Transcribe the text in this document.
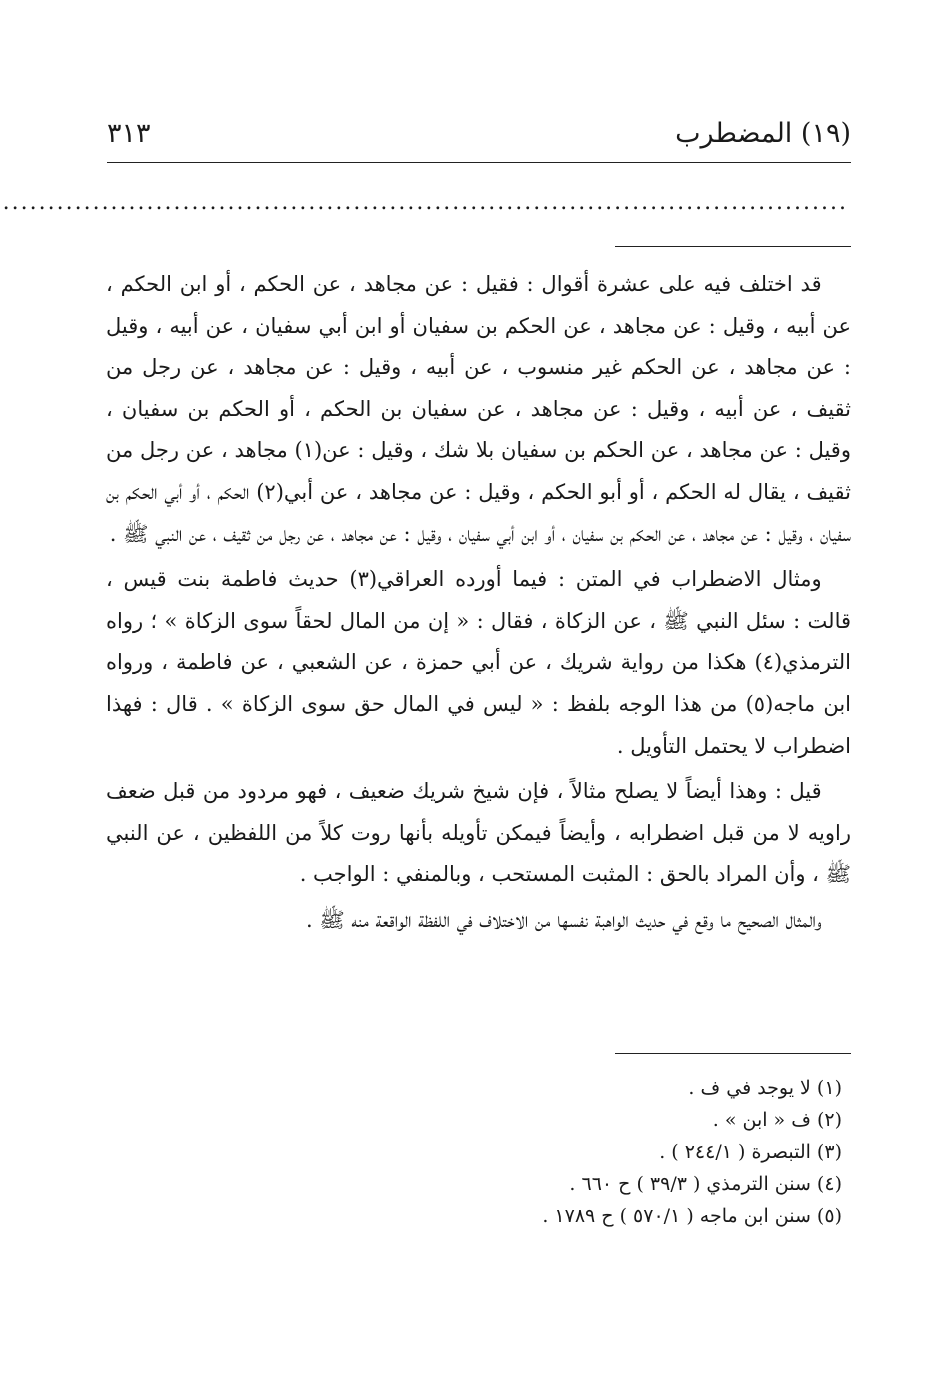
(١٩) المضطرب
٣١٣
..............................................................................................

قد اختلف فيه على عشرة أقوال : فقيل : عن مجاهد ، عن الحكم ، أو ابن الحكم ، عن أبيه ، وقيل : عن مجاهد ، عن الحكم بن سفيان أو ابن أبي سفيان ، عن أبيه ، وقيل : عن مجاهد ، عن الحكم غير منسوب ، عن أبيه ، وقيل : عن مجاهد ، عن رجل من ثقيف ، عن أبيه ، وقيل : عن مجاهد ، عن سفيان بن الحكم ، أو الحكم بن سفيان ، وقيل : عن مجاهد ، عن الحكم بن سفيان بلا شك ، وقيل : عن(١) مجاهد ، عن رجل من ثقيف ، يقال له الحكم ، أو أبو الحكم ، وقيل : عن مجاهد ، عن أبي(٢) الحكم ، أو أبي الحكم بن سفيان ، وقيل : عن مجاهد ، عن الحكم بن سفيان ، أو ابن أبي سفيان ، وقيل : عن مجاهد ، عن رجل من ثقيف ، عن النبي ﷺ .

ومثال الاضطراب في المتن : فيما أورده العراقي(٣) حديث فاطمة بنت قيس ، قالت : سئل النبي ﷺ ، عن الزكاة ، فقال : « إن من المال لحقاً سوى الزكاة » ؛ رواه الترمذي(٤) هكذا من رواية شريك ، عن أبي حمزة ، عن الشعبي ، عن فاطمة ، ورواه ابن ماجه(٥) من هذا الوجه بلفظ : « ليس في المال حق سوى الزكاة » . قال : فهذا اضطراب لا يحتمل التأويل .

قيل : وهذا أيضاً لا يصلح مثالاً ، فإن شيخ شريك ضعيف ، فهو مردود من قبل ضعف راويه لا من قبل اضطرابه ، وأيضاً فيمكن تأويله بأنها روت كلاً من اللفظين ، عن النبي ﷺ ، وأن المراد بالحق : المثبت المستحب ، وبالمنفي : الواجب .

والمثال الصحيح ما وقع في حديث الواهبة نفسها من الاختلاف في اللفظة الواقعة منه ﷺ .

(١) لا يوجد في ف .
(٢) ف « ابن » .
(٣) التبصرة ( ٢٤٤/١ ) .
(٤) سنن الترمذي ( ٣٩/٣ ) ح ٦٦٠ .
(٥) سنن ابن ماجه ( ٥٧٠/١ ) ح ١٧٨٩ .
